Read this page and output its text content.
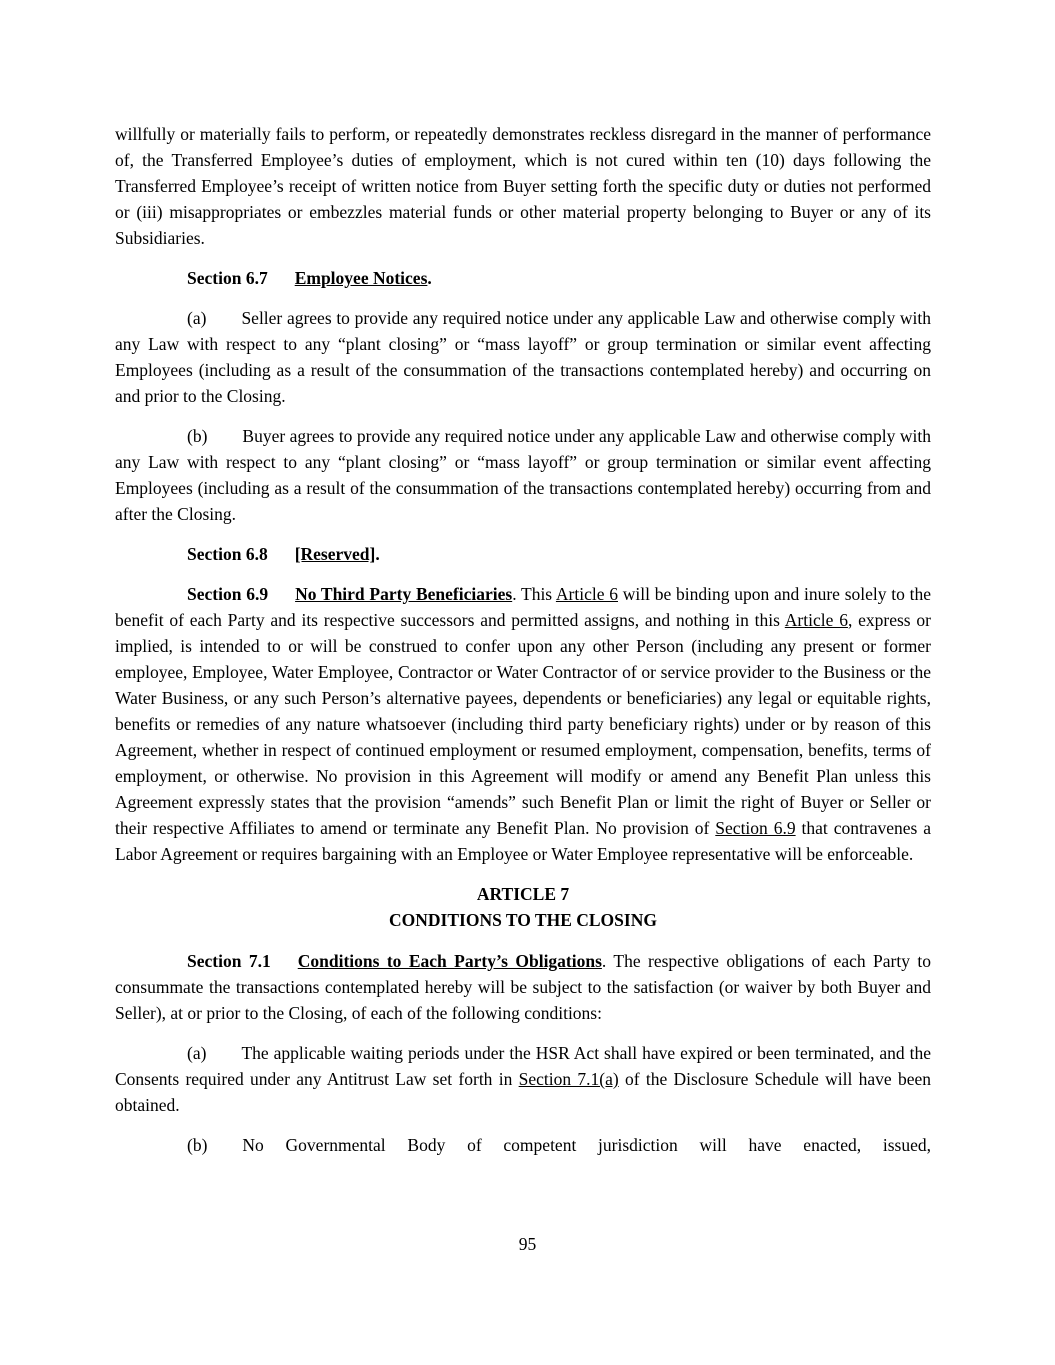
willfully or materially fails to perform, or repeatedly demonstrates reckless disregard in the manner of performance of, the Transferred Employee’s duties of employment, which is not cured within ten (10) days following the Transferred Employee’s receipt of written notice from Buyer setting forth the specific duty or duties not performed or (iii) misappropriates or embezzles material funds or other material property belonging to Buyer or any of its Subsidiaries.

Section 6.7 Employee Notices.

(a) Seller agrees to provide any required notice under any applicable Law and otherwise comply with any Law with respect to any “plant closing” or “mass layoff” or group termination or similar event affecting Employees (including as a result of the consummation of the transactions contemplated hereby) and occurring on and prior to the Closing.

(b) Buyer agrees to provide any required notice under any applicable Law and otherwise comply with any Law with respect to any “plant closing” or “mass layoff” or group termination or similar event affecting Employees (including as a result of the consummation of the transactions contemplated hereby) occurring from and after the Closing.

Section 6.8 [Reserved].

Section 6.9 No Third Party Beneficiaries. This Article 6 will be binding upon and inure solely to the benefit of each Party and its respective successors and permitted assigns, and nothing in this Article 6, express or implied, is intended to or will be construed to confer upon any other Person (including any present or former employee, Employee, Water Employee, Contractor or Water Contractor of or service provider to the Business or the Water Business, or any such Person’s alternative payees, dependents or beneficiaries) any legal or equitable rights, benefits or remedies of any nature whatsoever (including third party beneficiary rights) under or by reason of this Agreement, whether in respect of continued employment or resumed employment, compensation, benefits, terms of employment, or otherwise. No provision in this Agreement will modify or amend any Benefit Plan unless this Agreement expressly states that the provision “amends” such Benefit Plan or limit the right of Buyer or Seller or their respective Affiliates to amend or terminate any Benefit Plan. No provision of Section 6.9 that contravenes a Labor Agreement or requires bargaining with an Employee or Water Employee representative will be enforceable.

ARTICLE 7
CONDITIONS TO THE CLOSING

Section 7.1 Conditions to Each Party’s Obligations. The respective obligations of each Party to consummate the transactions contemplated hereby will be subject to the satisfaction (or waiver by both Buyer and Seller), at or prior to the Closing, of each of the following conditions:

(a) The applicable waiting periods under the HSR Act shall have expired or been terminated, and the Consents required under any Antitrust Law set forth in Section 7.1(a) of the Disclosure Schedule will have been obtained.

(b) No Governmental Body of competent jurisdiction will have enacted, issued,

95
